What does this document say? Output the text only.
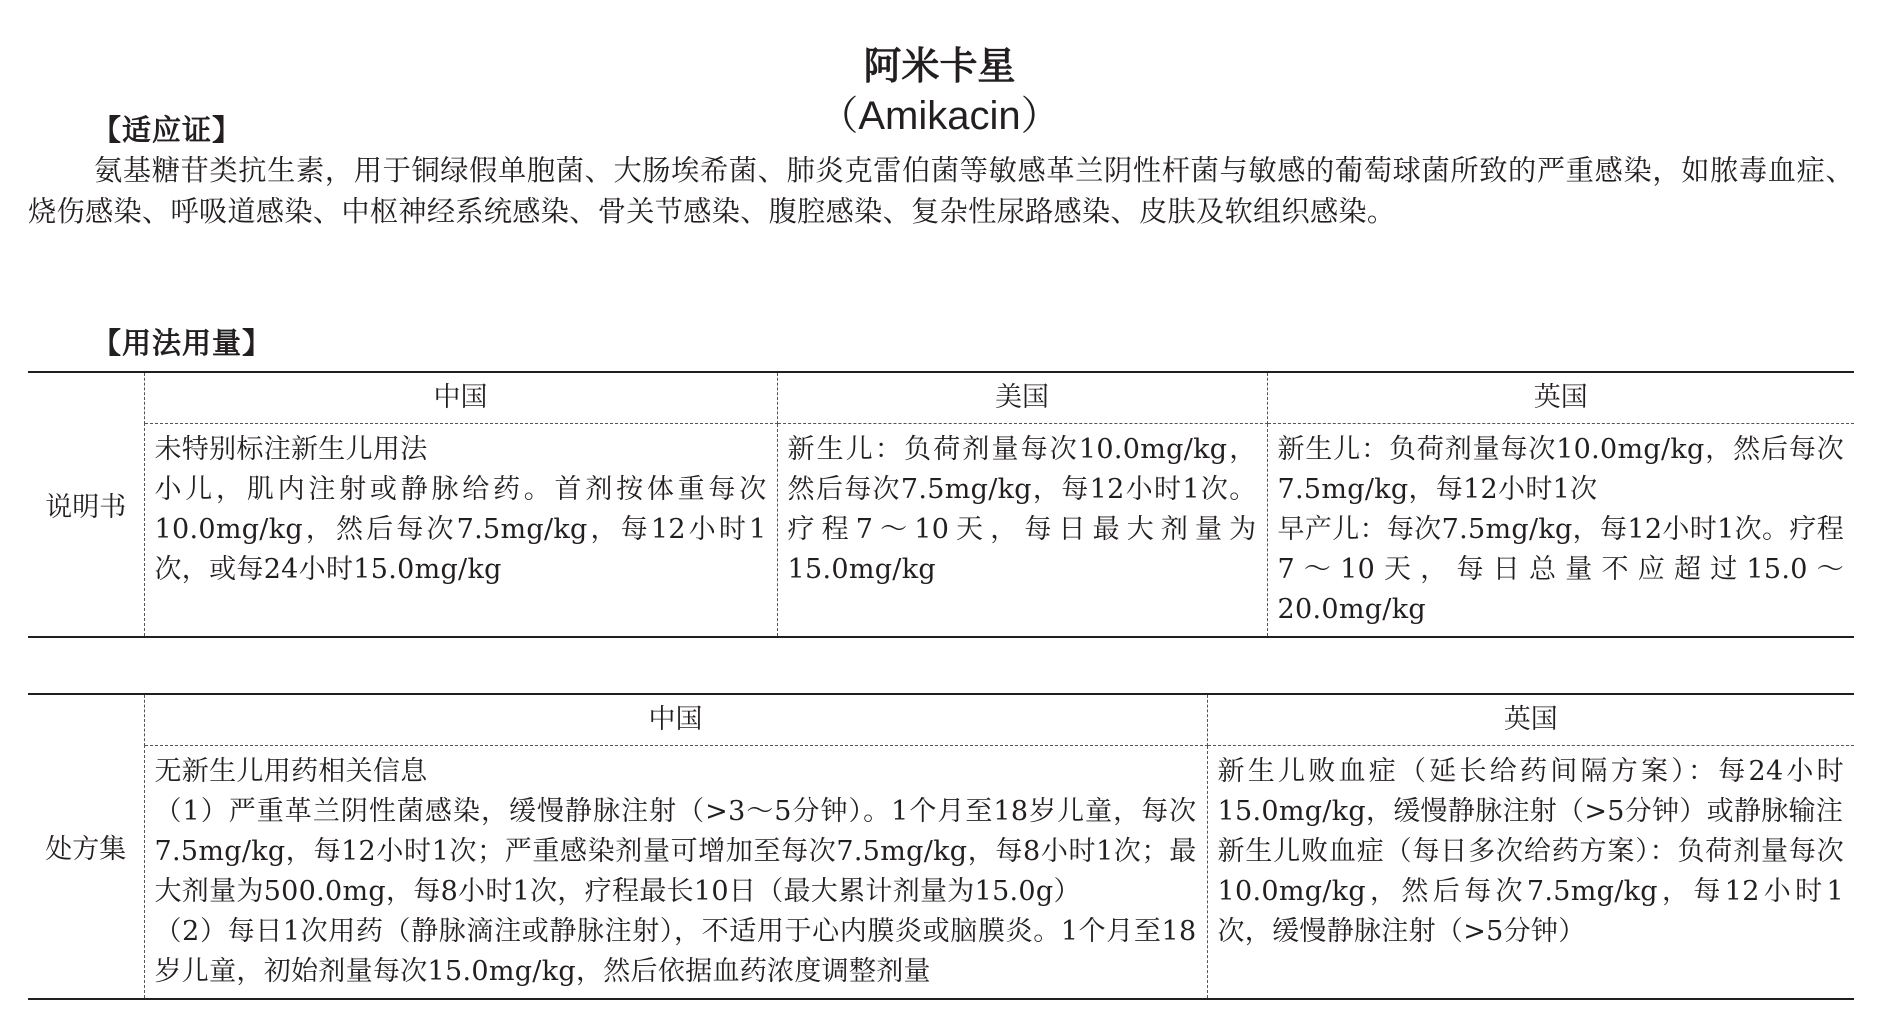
阿米卡星
（Amikacin）
【适应证】

氨基糖苷类抗生素，用于铜绿假单胞菌、大肠埃希菌、肺炎克雷伯菌等敏感革兰阴性杆菌与敏感的葡萄球菌所致的严重感染，如脓毒血症、烧伤感染、呼吸道感染、中枢神经系统感染、骨关节感染、腹腔感染、复杂性尿路感染、皮肤及软组织感染。

【用法用量】
说明书	中国	美国	英国

	未特别标注新生儿用法
小儿，肌内注射或静脉给药。首剂按体重每次10.0mg/kg，然后每次7.5mg/kg，每12小时1次，或每24小时15.0mg/kg	新生儿：负荷剂量每次10.0mg/kg，然后每次7.5mg/kg，每12小时1次。疗程7～10天，每日最大剂量为15.0mg/kg	新生儿：负荷剂量每次10.0mg/kg，然后每次7.5mg/kg，每12小时1次
早产儿：每次7.5mg/kg，每12小时1次。疗程7～10天，每日总量不应超过15.0～20.0mg/kg
处方集	中国	英国

	无新生儿用药相关信息
（1）严重革兰阴性菌感染，缓慢静脉注射（>3～5分钟）。1个月至18岁儿童，每次7.5mg/kg，每12小时1次；严重感染剂量可增加至每次7.5mg/kg，每8小时1次；最大剂量为500.0mg，每8小时1次，疗程最长10日（最大累计剂量为15.0g）
（2）每日1次用药（静脉滴注或静脉注射），不适用于心内膜炎或脑膜炎。1个月至18岁儿童，初始剂量每次15.0mg/kg，然后依据血药浓度调整剂量	新生儿败血症（延长给药间隔方案）：每24小时15.0mg/kg，缓慢静脉注射（>5分钟）或静脉输注
新生儿败血症（每日多次给药方案）：负荷剂量每次10.0mg/kg，然后每次7.5mg/kg，每12小时1次，缓慢静脉注射（>5分钟）
